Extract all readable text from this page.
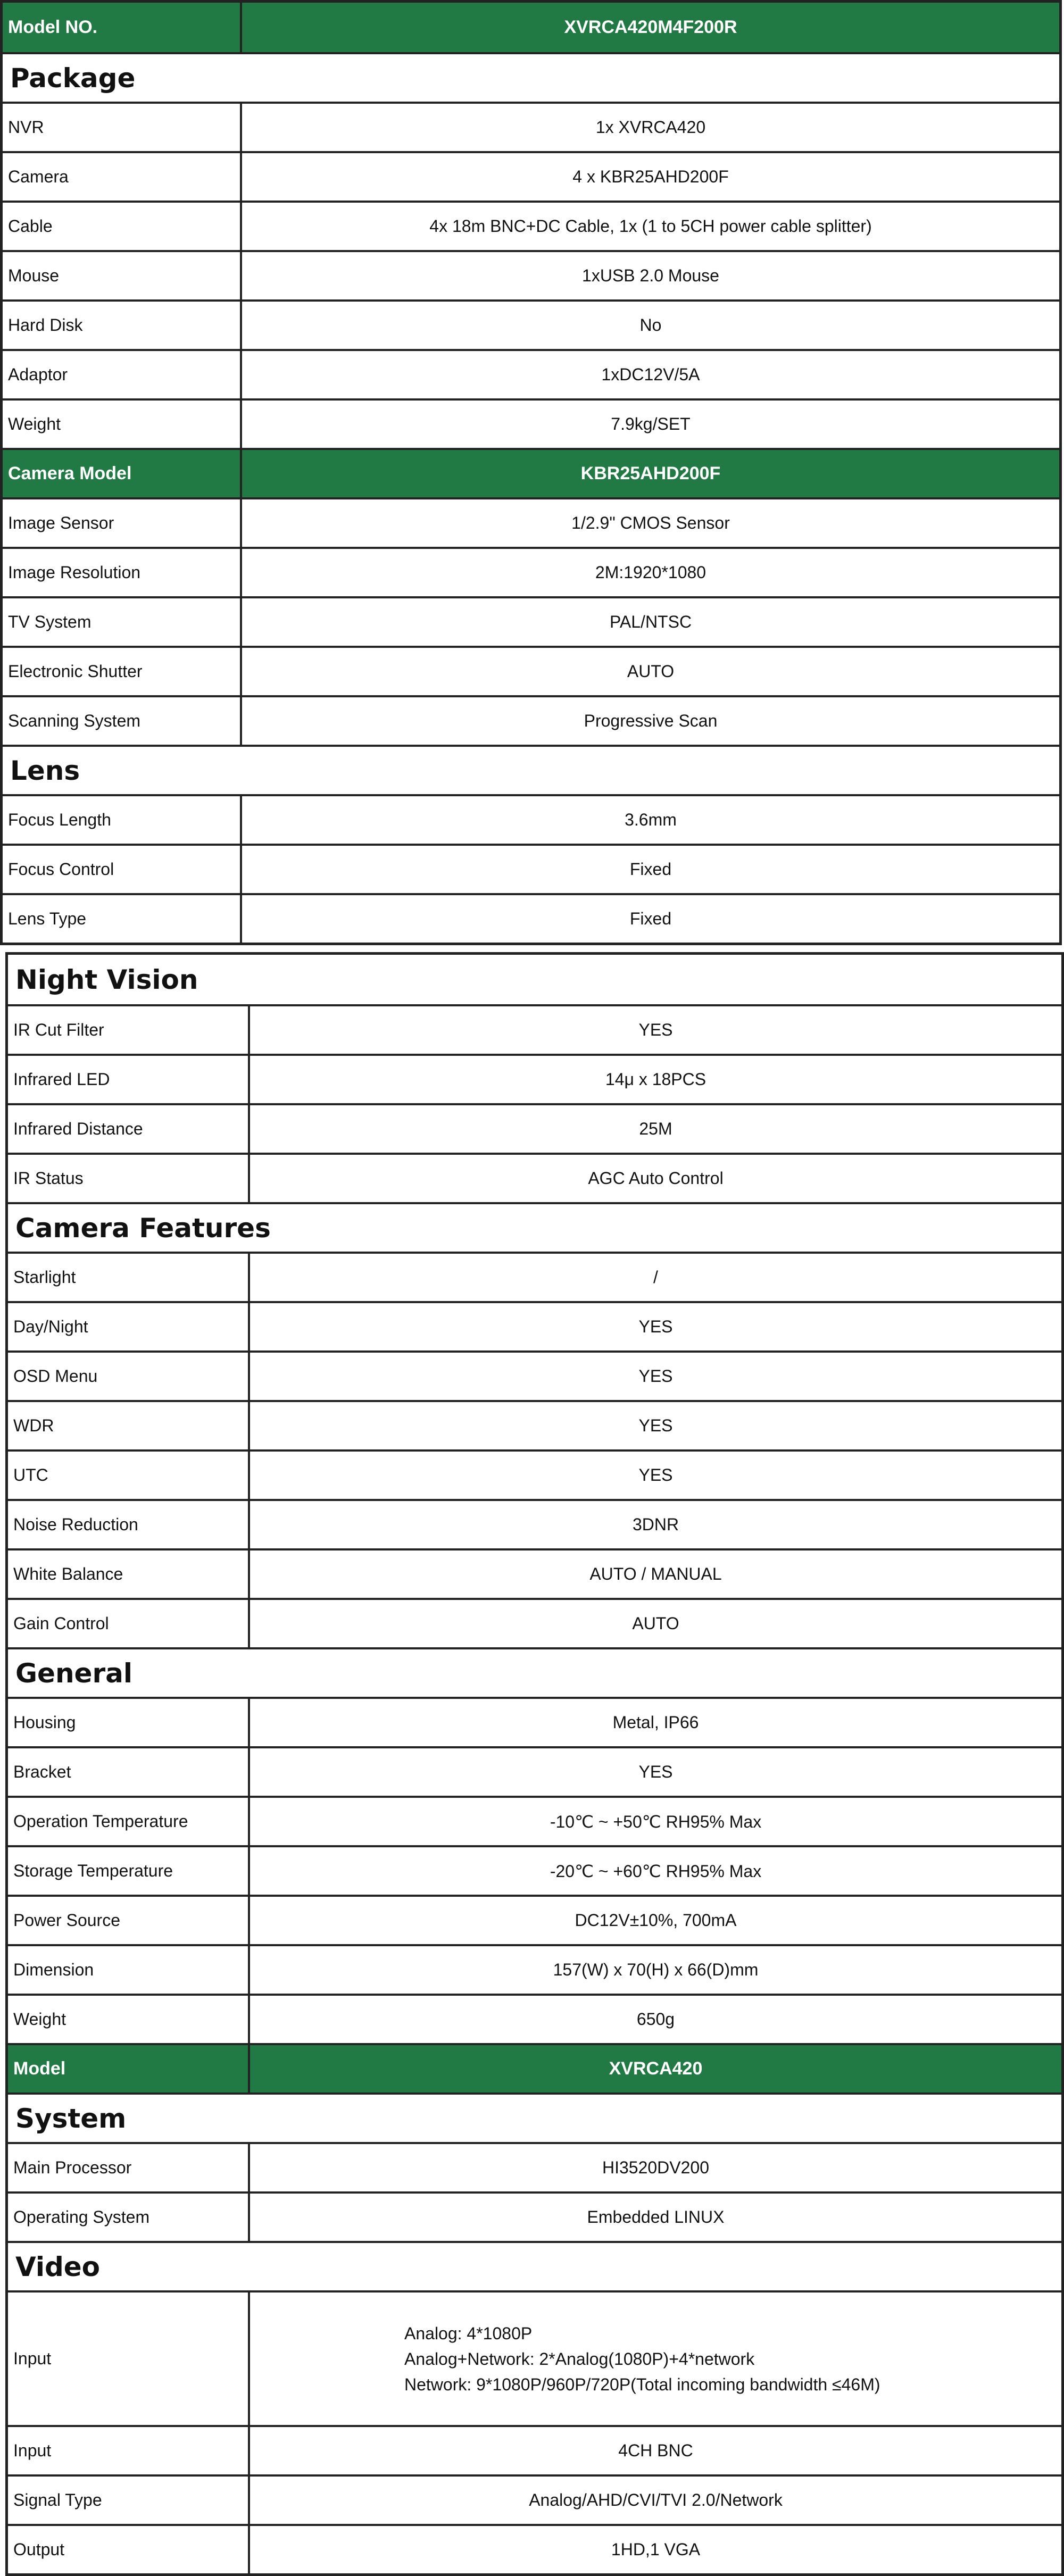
Model NO.	XVRCA420M4F200R
Package
NVR	1x XVRCA420
Camera	4 x KBR25AHD200F
Cable	4x 18m BNC+DC Cable, 1x (1 to 5CH power cable splitter)
Mouse	1xUSB 2.0 Mouse
Hard Disk	No
Adaptor	1xDC12V/5A
Weight	7.9kg/SET
Camera Model	KBR25AHD200F
Image Sensor	1/2.9" CMOS Sensor
Image Resolution	2M:1920*1080
TV System	PAL/NTSC
Electronic Shutter	AUTO
Scanning System	Progressive Scan
Lens
Focus Length	3.6mm
Focus Control	Fixed
Lens Type	Fixed
Night Vision
IR Cut Filter	YES
Infrared LED	14μ x 18PCS
Infrared Distance	25M
IR Status	AGC Auto Control
Camera Features
Starlight	/
Day/Night	YES
OSD Menu	YES
WDR	YES
UTC	YES
Noise Reduction	3DNR
White Balance	AUTO / MANUAL
Gain Control	AUTO
General
Housing	Metal, IP66
Bracket	YES
Operation Temperature	-10℃ ~ +50℃ RH95% Max
Storage Temperature	-20℃ ~ +60℃ RH95% Max
Power Source	DC12V±10%, 700mA
Dimension	157(W) x 70(H) x 66(D)mm
Weight	650g
Model	XVRCA420
System
Main Processor	HI3520DV200
Operating System	Embedded LINUX
Video
Input
Analog: 4*1080P
Analog+Network: 2*Analog(1080P)+4*network
Network: 9*1080P/960P/720P(Total incoming bandwidth ≤46M)
Input	4CH BNC
Signal Type	Analog/AHD/CVI/TVI 2.0/Network
Output	1HD,1 VGA
